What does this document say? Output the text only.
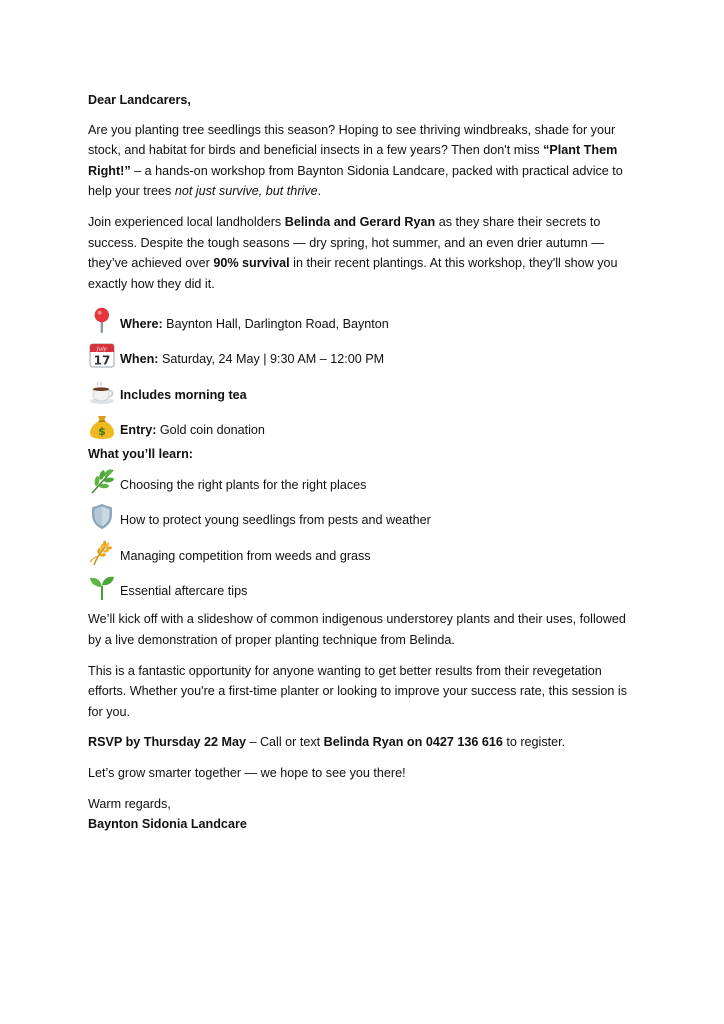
Dear Landcarers,

Are you planting tree seedlings this season? Hoping to see thriving windbreaks, shade for your stock, and habitat for birds and beneficial insects in a few years? Then don't miss “Plant Them Right!” – a hands-on workshop from Baynton Sidonia Landcare, packed with practical advice to help your trees not just survive, but thrive.

Join experienced local landholders Belinda and Gerard Ryan as they share their secrets to success. Despite the tough seasons — dry spring, hot summer, and an even drier autumn — they’ve achieved over 90% survival in their recent plantings. At this workshop, they'll show you exactly how they did it.

Where: Baynton Hall, Darlington Road, Baynton
July
17 When: Saturday, 24 May | 9:30 AM – 12:00 PM
Includes morning tea
$ Entry: Gold coin donation

What you’ll learn:

Choosing the right plants for the right places
How to protect young seedlings from pests and weather
Managing competition from weeds and grass
Essential aftercare tips

We’ll kick off with a slideshow of common indigenous understorey plants and their uses, followed by a live demonstration of proper planting technique from Belinda.

This is a fantastic opportunity for anyone wanting to get better results from their revegetation efforts. Whether you're a first-time planter or looking to improve your success rate, this session is for you.

RSVP by Thursday 22 May – Call or text Belinda Ryan on 0427 136 616 to register.

Let’s grow smarter together — we hope to see you there!

Warm regards,

Baynton Sidonia Landcare
